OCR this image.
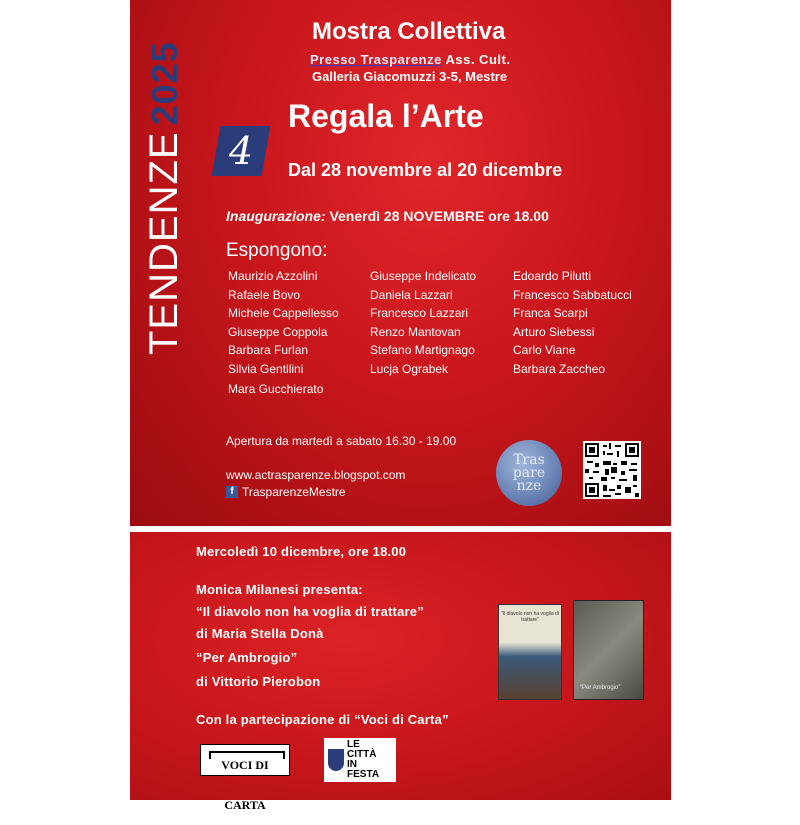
Mostra Collettiva
Presso Trasparenze Ass. Cult.
Galleria Giacomuzzi 3-5, Mestre
TENDENZE2025
4
Regala l’Arte
Dal 28 novembre al 20 dicembre
Inaugurazione: Venerdì 28 NOVEMBRE ore 18.00
Espongono:
Maurizio Azzolini
Rafaele Bovo
Michele Cappellesso
Giuseppe Coppola
Barbara Furlan
Silvia Gentilini
Giuseppe Indelicato
Daniela Lazzari
Francesco Lazzari
Renzo Mantovan
Stefano Martignago
Lucja Ograbek
Edoardo Pilutti
Francesco Sabbatucci
Franca Scarpi
Arturo Siebessi
Carlo Viane
Barbara Zaccheo
Mara Gucchierato
Apertura da martedì a sabato 16.30 - 19.00
www.actrasparenze.blogspot.com
f TrasparenzeMestre
Tras
pare
nze
Mercoledì 10 dicembre, ore 18.00
Monica Milanesi presenta:
“Il diavolo non ha voglia di trattare”
di Maria Stella Donà
“Per Ambrogio”
di Vittorio Pierobon
Con la partecipazione di “Voci di Carta”
“Il diavolo non ha voglia di trattare”
“Per Ambrogio”
VOCI DI CARTA
LE
CITTÀ
IN
FESTA
